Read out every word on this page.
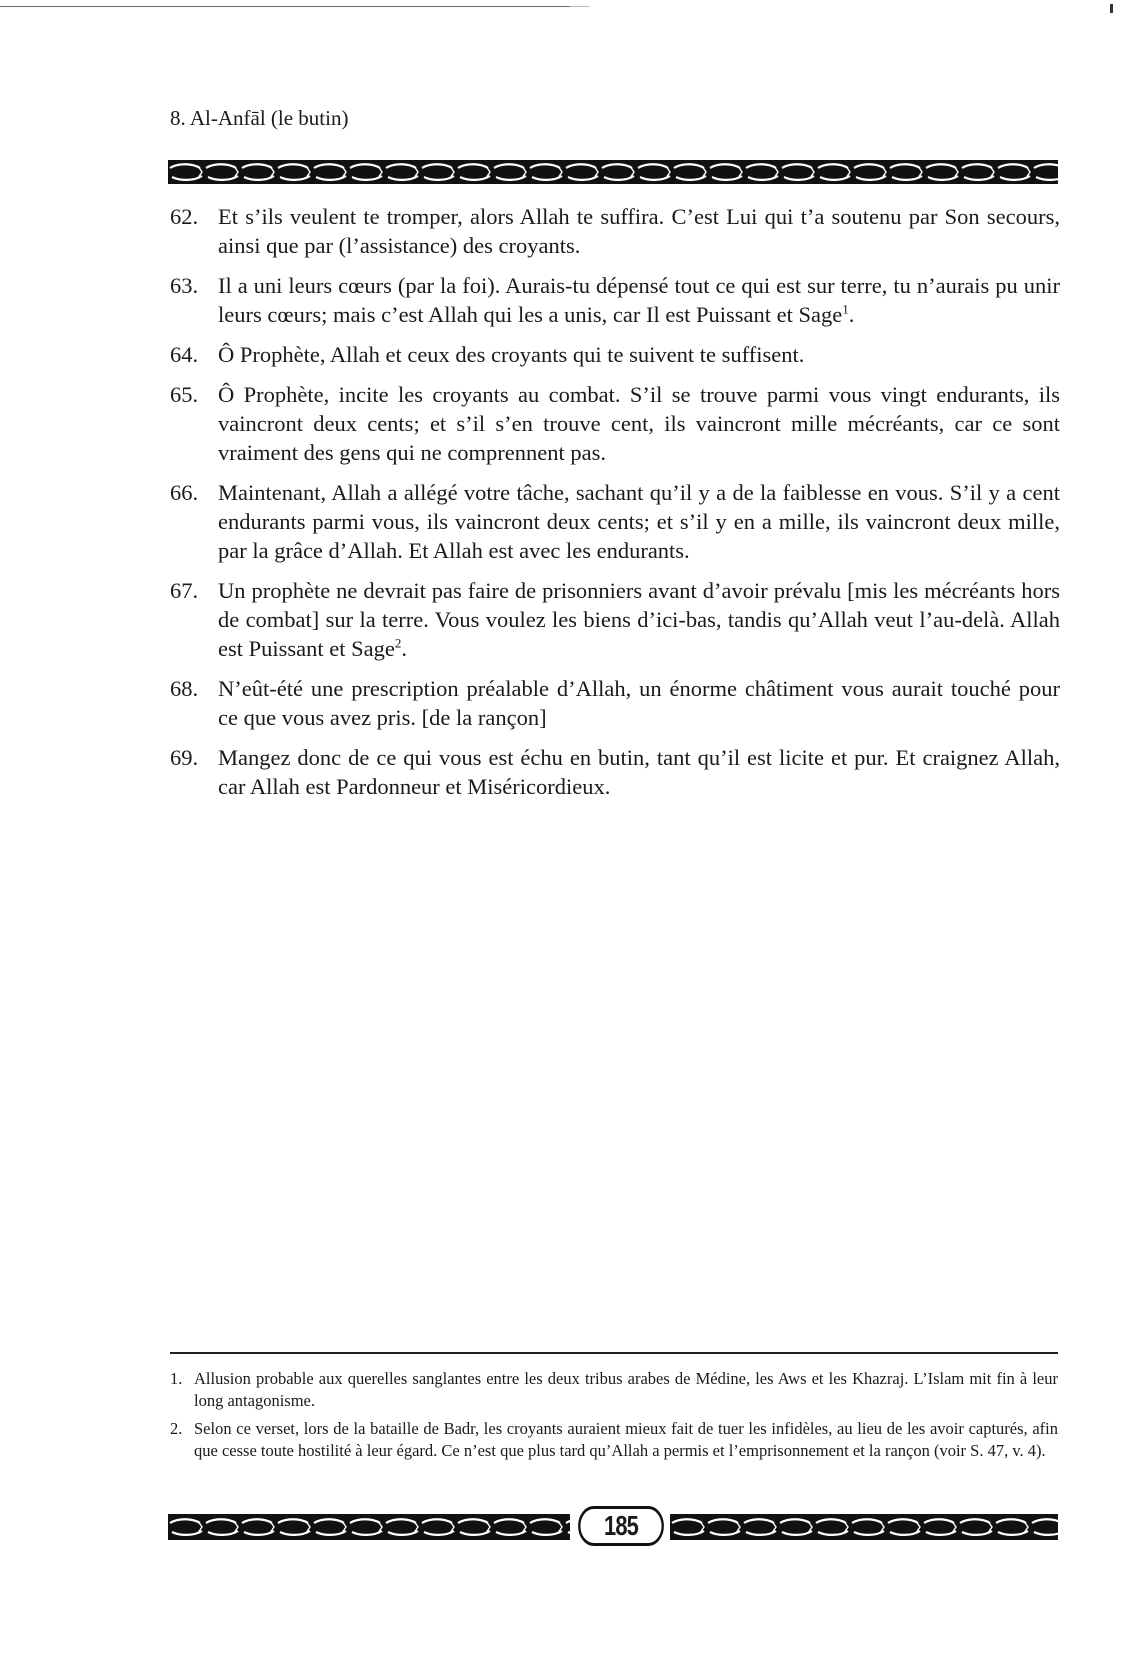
8. Al-Anfāl (le butin)
62. Et s’ils veulent te tromper, alors Allah te suffira. C’est Lui qui t’a soutenu par Son secours, ainsi que par (l’assistance) des croyants.
63. Il a uni leurs cœurs (par la foi). Aurais-tu dépensé tout ce qui est sur terre, tu n’aurais pu unir leurs cœurs; mais c’est Allah qui les a unis, car Il est Puissant et Sage$^1$.
64. Ô Prophète, Allah et ceux des croyants qui te suivent te suffisent.
65. Ô Prophète, incite les croyants au combat. S’il se trouve parmi vous vingt endurants, ils vaincront deux cents; et s’il s’en trouve cent, ils vaincront mille mécréants, car ce sont vraiment des gens qui ne comprennent pas.
66. Maintenant, Allah a allégé votre tâche, sachant qu’il y a de la faiblesse en vous. S’il y a cent endurants parmi vous, ils vaincront deux cents; et s’il y en a mille, ils vaincront deux mille, par la grâce d’Allah. Et Allah est avec les endurants.
67. Un prophète ne devrait pas faire de prisonniers avant d’avoir prévalu [mis les mécréants hors de combat] sur la terre. Vous voulez les biens d’ici-bas, tandis qu’Allah veut l’au-delà. Allah est Puissant et Sage$^2$.
68. N’eût-été une prescription préalable d’Allah, un énorme châtiment vous aurait touché pour ce que vous avez pris. [de la rançon]
69. Mangez donc de ce qui vous est échu en butin, tant qu’il est licite et pur. Et craignez Allah, car Allah est Pardonneur et Miséricordieux.
1. Allusion probable aux querelles sanglantes entre les deux tribus arabes de Médine, les Aws et les Khazraj. L’Islam mit fin à leur long antagonisme.
2. Selon ce verset, lors de la bataille de Badr, les croyants auraient mieux fait de tuer les infidèles, au lieu de les avoir capturés, afin que cesse toute hostilité à leur égard. Ce n’est que plus tard qu’Allah a permis et l’emprisonnement et la rançon (voir S. 47, v. 4).
185
